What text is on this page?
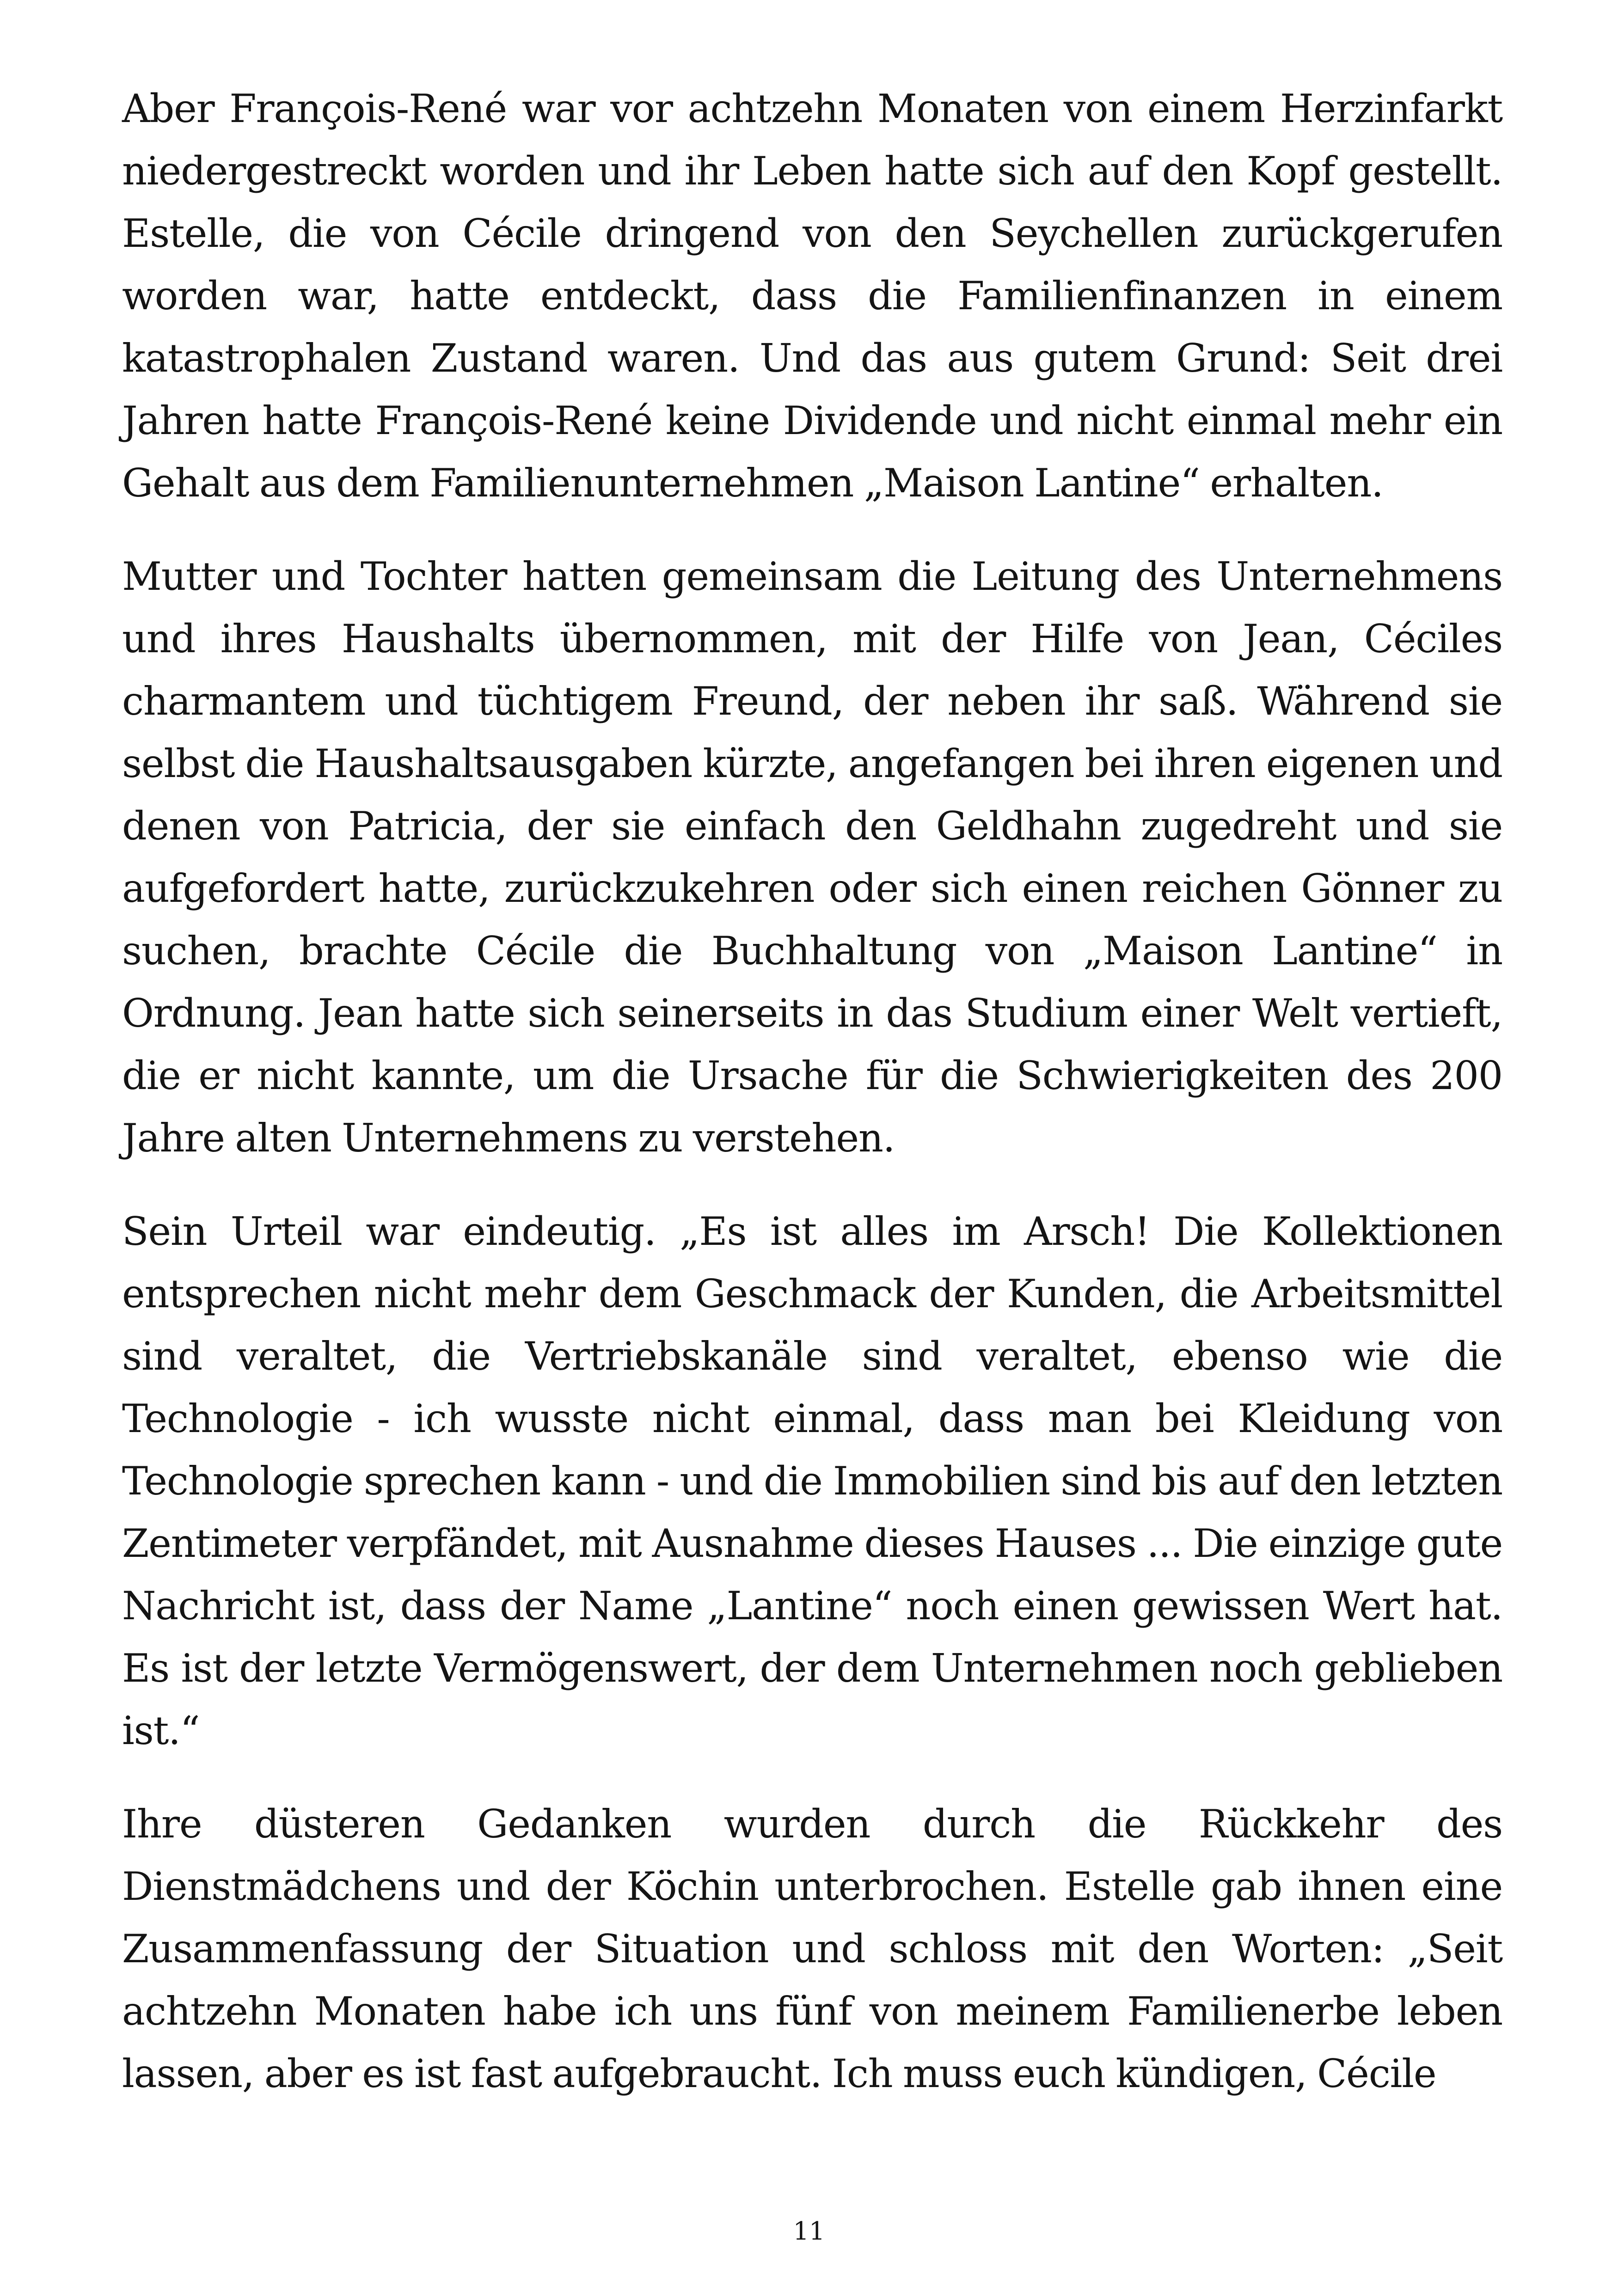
Aber François-René war vor achtzehn Monaten von einem Herzinfarkt niedergestreckt worden und ihr Leben hatte sich auf den Kopf gestellt. Estelle, die von Cécile dringend von den Seychellen zurückgerufen worden war, hatte entdeckt, dass die Familienfinanzen in einem katastrophalen Zustand waren. Und das aus gutem Grund: Seit drei Jahren hatte François-René keine Dividende und nicht einmal mehr ein Gehalt aus dem Familienunternehmen „Maison Lantine“ erhalten.

Mutter und Tochter hatten gemeinsam die Leitung des Unternehmens und ihres Haushalts übernommen, mit der Hilfe von Jean, Céciles charmantem und tüchtigem Freund, der neben ihr saß. Während sie selbst die Haushaltsausgaben kürzte, angefangen bei ihren eigenen und denen von Patricia, der sie einfach den Geldhahn zugedreht und sie aufgefordert hatte, zurückzukehren oder sich einen reichen Gönner zu suchen, brachte Cécile die Buchhaltung von „Maison Lantine“ in Ordnung. Jean hatte sich seinerseits in das Studium einer Welt vertieft, die er nicht kannte, um die Ursache für die Schwierigkeiten des 200 Jahre alten Unternehmens zu verstehen.

Sein Urteil war eindeutig. „Es ist alles im Arsch! Die Kollektionen entsprechen nicht mehr dem Geschmack der Kunden, die Arbeitsmittel sind veraltet, die Vertriebskanäle sind veraltet, ebenso wie die Technologie - ich wusste nicht einmal, dass man bei Kleidung von Technologie sprechen kann - und die Immobilien sind bis auf den letzten Zentimeter verpfändet, mit Ausnahme dieses Hauses ... Die einzige gute Nachricht ist, dass der Name „Lantine“ noch einen gewissen Wert hat. Es ist der letzte Vermögenswert, der dem Unternehmen noch geblieben ist.“

Ihre düsteren Gedanken wurden durch die Rückkehr des Dienstmädchens und der Köchin unterbrochen. Estelle gab ihnen eine Zusammenfassung der Situation und schloss mit den Worten: „Seit achtzehn Monaten habe ich uns fünf von meinem Familienerbe leben lassen, aber es ist fast aufgebraucht. Ich muss euch kündigen, Cécile

11
